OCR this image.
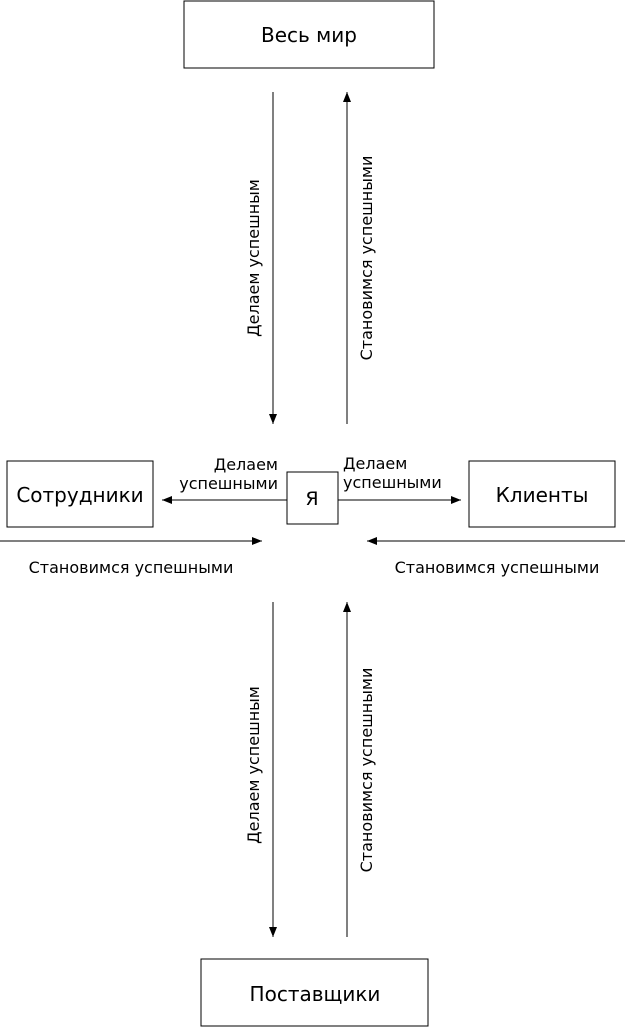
Весь мир
Я
Сотрудники	Клиенты
Поставщики
Делаем успешным	Становимся успешными
Делаем
успешными
Делаем
успешными
Становимся успешными	Становимся успешными
Делаем успешным	Становимся успешными
